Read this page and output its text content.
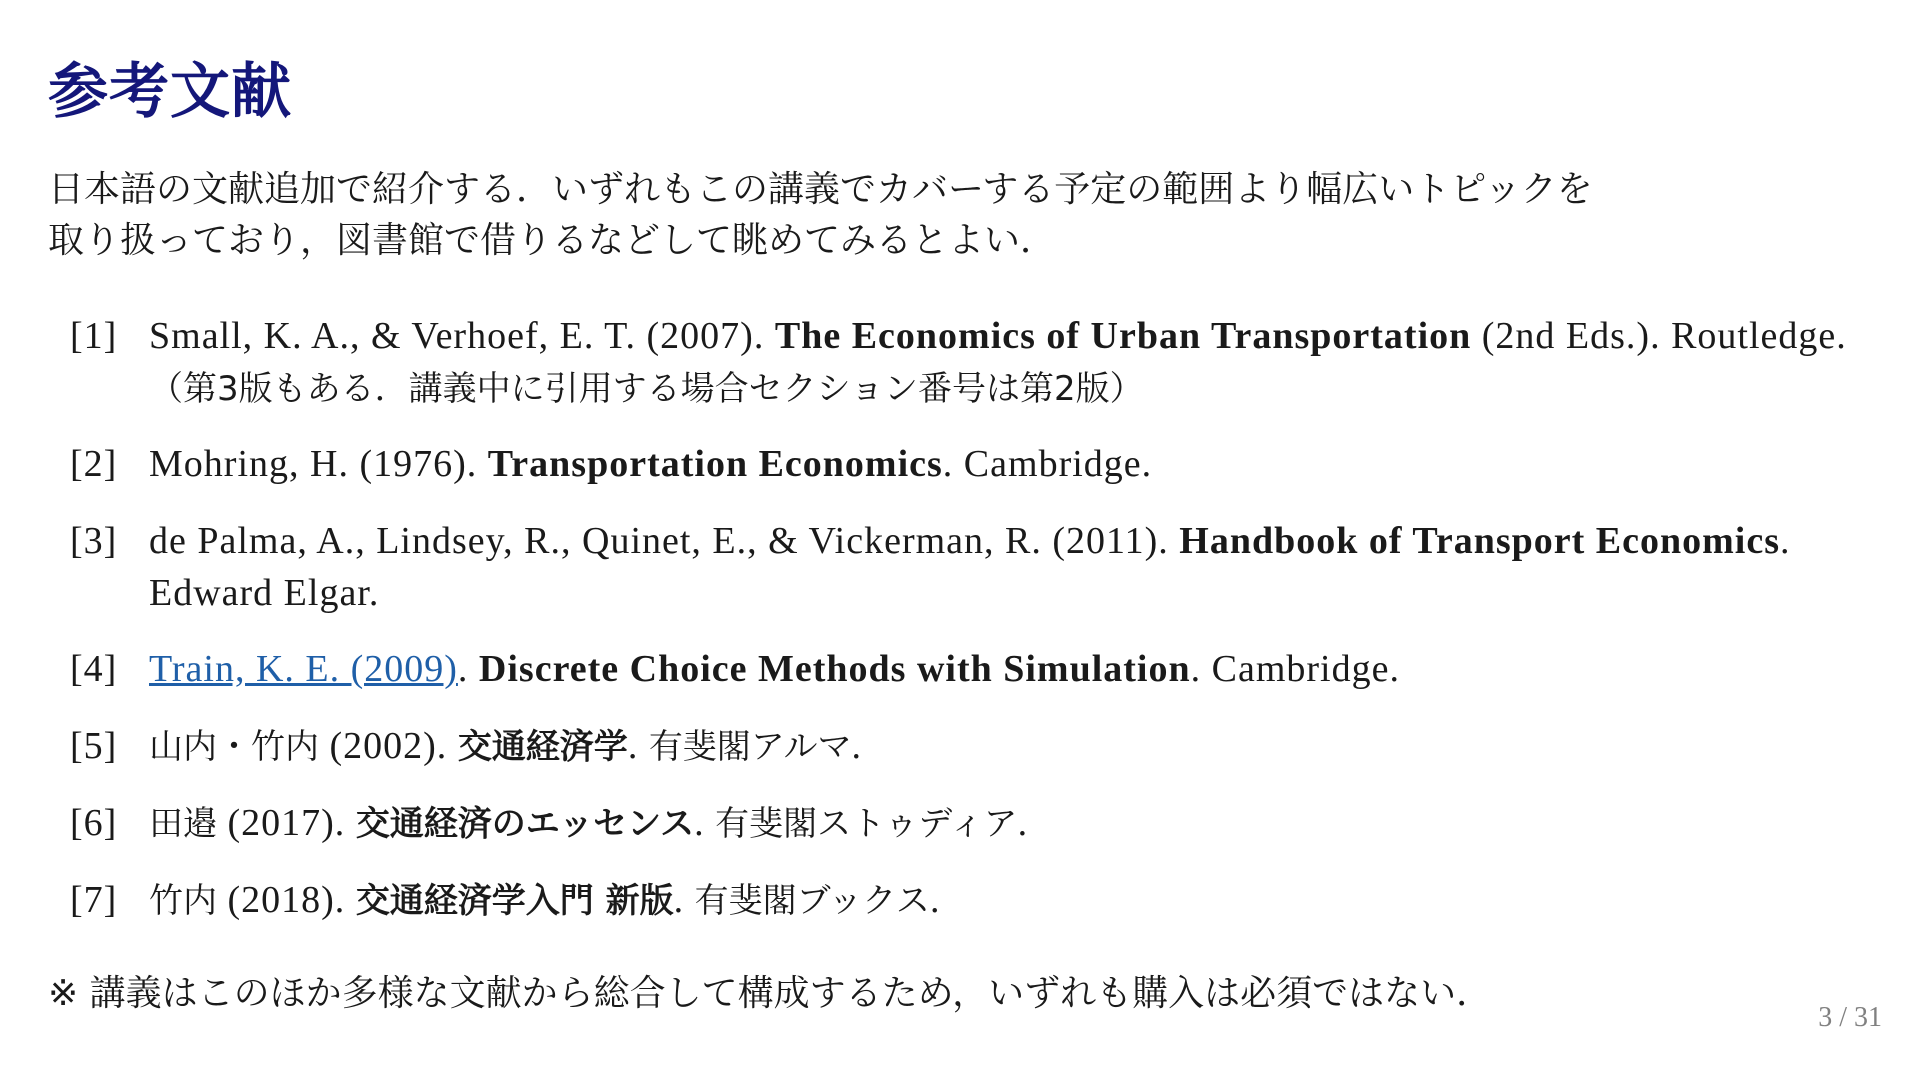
参考文献

日本語の文献追加で紹介する．いずれもこの講義でカバーする予定の範囲より幅広いトピックを
取り扱っており，図書館で借りるなどして眺めてみるとよい．

[1] Small, K. A., & Verhoef, E. T. (2007). The Economics of Urban Transportation (2nd Eds.). Routledge. （第3版もある．講義中に引用する場合セクション番号は第2版）
[2] Mohring, H. (1976). Transportation Economics. Cambridge.
[3] de Palma, A., Lindsey, R., Quinet, E., & Vickerman, R. (2011). Handbook of Transport Economics. Edward Elgar.
[4] Train, K. E. (2009). Discrete Choice Methods with Simulation. Cambridge.
[5] 山内・竹内 (2002). 交通経済学. 有斐閣アルマ.
[6] 田邉 (2017). 交通経済のエッセンス. 有斐閣ストゥディア.
[7] 竹内 (2018). 交通経済学入門 新版. 有斐閣ブックス.

※ 講義はこのほか多様な文献から総合して構成するため，いずれも購入は必須ではない．

3 / 31
